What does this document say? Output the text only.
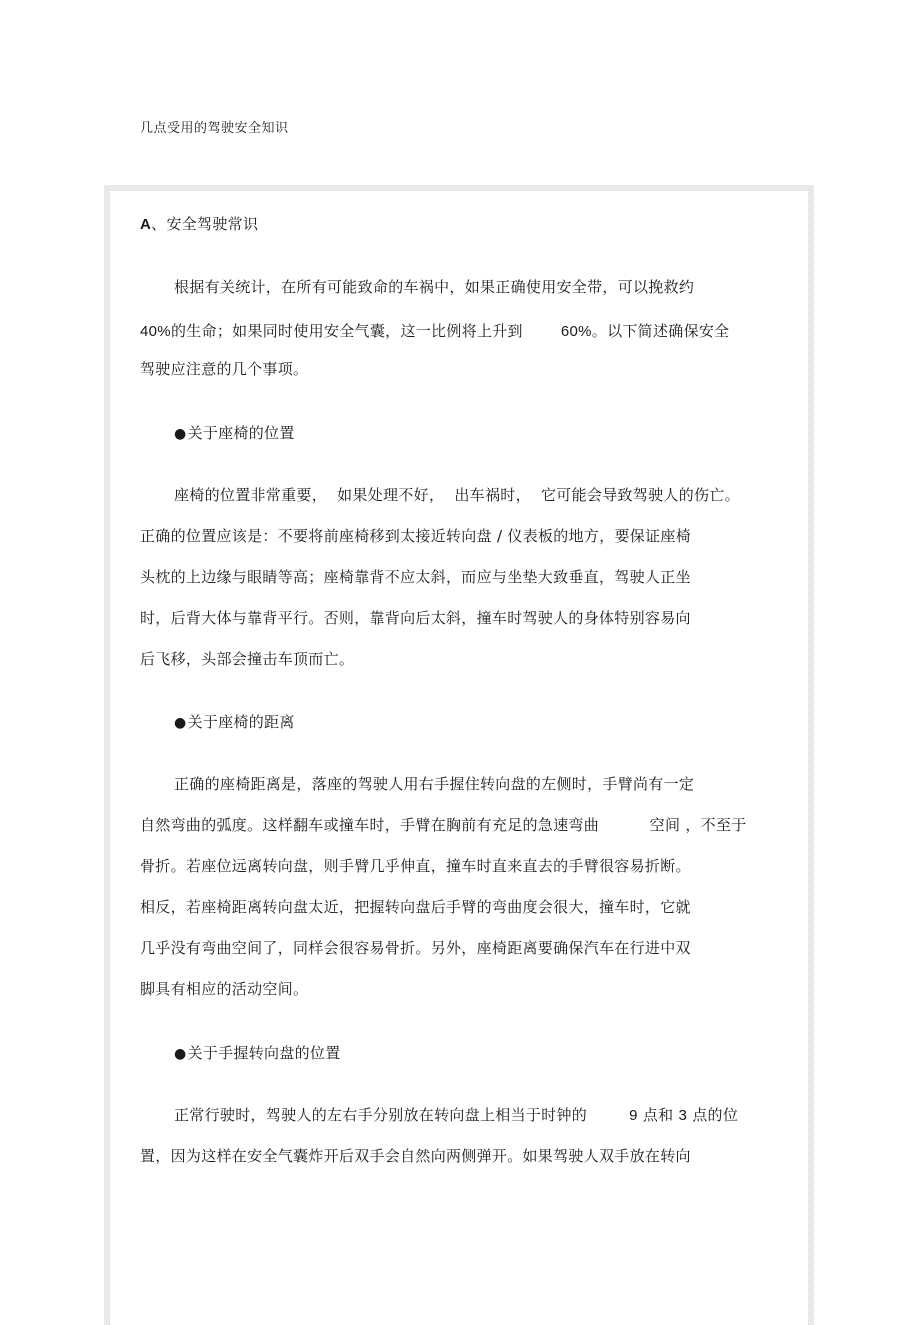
几点受用的驾驶安全知识
A、安全驾驶常识
根据有关统计，在所有可能致命的车祸中，如果正确使用安全带，可以挽救约
40%的生命；如果同时使用安全气囊，这一比例将上升到	60%。以下简述确保安全
驾驶应注意的几个事项。
●关于座椅的位置
座椅的位置非常重要，  如果处理不好，  出车祸时，  它可能会导致驾驶人的伤亡。
正确的位置应该是：不要将前座椅移到太接近转向盘 / 仪表板的地方，要保证座椅
头枕的上边缘与眼睛等高；座椅靠背不应太斜，而应与坐垫大致垂直，驾驶人正坐
时，后背大体与靠背平行。否则，靠背向后太斜，撞车时驾驶人的身体特别容易向
后飞移，头部会撞击车顶而亡。
●关于座椅的距离
正确的座椅距离是，落座的驾驶人用右手握住转向盘的左侧时，手臂尚有一定
自然弯曲的弧度。这样翻车或撞车时，手臂在胸前有充足的急速弯曲          空间 ，不至于
骨折。若座位远离转向盘，则手臂几乎伸直，撞车时直来直去的手臂很容易折断。
相反，若座椅距离转向盘太近，把握转向盘后手臂的弯曲度会很大，撞车时，它就
几乎没有弯曲空间了，同样会很容易骨折。另外，座椅距离要确保汽车在行进中双
脚具有相应的活动空间。
●关于手握转向盘的位置
正常行驶时，驾驶人的左右手分别放在转向盘上相当于时钟的	9 点和 3 点的位
置，因为这样在安全气囊炸开后双手会自然向两侧弹开。如果驾驶人双手放在转向
